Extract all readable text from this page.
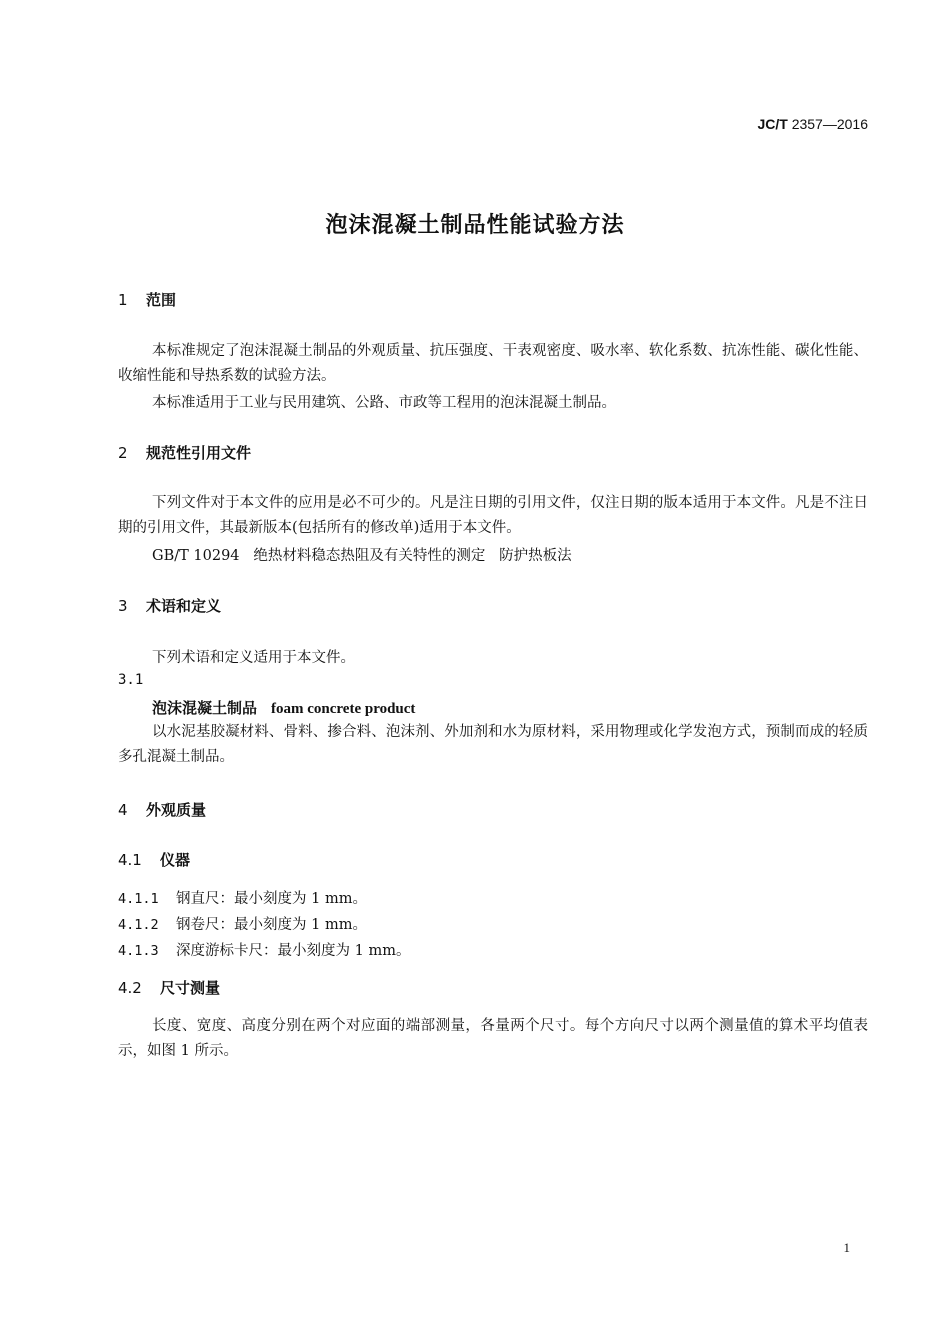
JC/T 2357—2016
泡沫混凝土制品性能试验方法
1 范围
本标准规定了泡沫混凝土制品的外观质量、抗压强度、干表观密度、吸水率、软化系数、抗冻性能、碳化性能、收缩性能和导热系数的试验方法。
本标准适用于工业与民用建筑、公路、市政等工程用的泡沫混凝土制品。
2 规范性引用文件
下列文件对于本文件的应用是必不可少的。凡是注日期的引用文件，仅注日期的版本适用于本文件。凡是不注日期的引用文件，其最新版本(包括所有的修改单)适用于本文件。
GB/T 10294   绝热材料稳态热阻及有关特性的测定   防护热板法
3 术语和定义
下列术语和定义适用于本文件。
3.1
泡沫混凝土制品 foam concrete product
以水泥基胶凝材料、骨料、掺合料、泡沫剂、外加剂和水为原材料，采用物理或化学发泡方式，预制而成的轻质多孔混凝土制品。
4 外观质量
4.1 仪器
4.1.1 钢直尺：最小刻度为 1 mm。
4.1.2 钢卷尺：最小刻度为 1 mm。
4.1.3 深度游标卡尺：最小刻度为 1 mm。
4.2 尺寸测量
长度、宽度、高度分别在两个对应面的端部测量，各量两个尺寸。每个方向尺寸以两个测量值的算术平均值表示，如图 1 所示。
1
